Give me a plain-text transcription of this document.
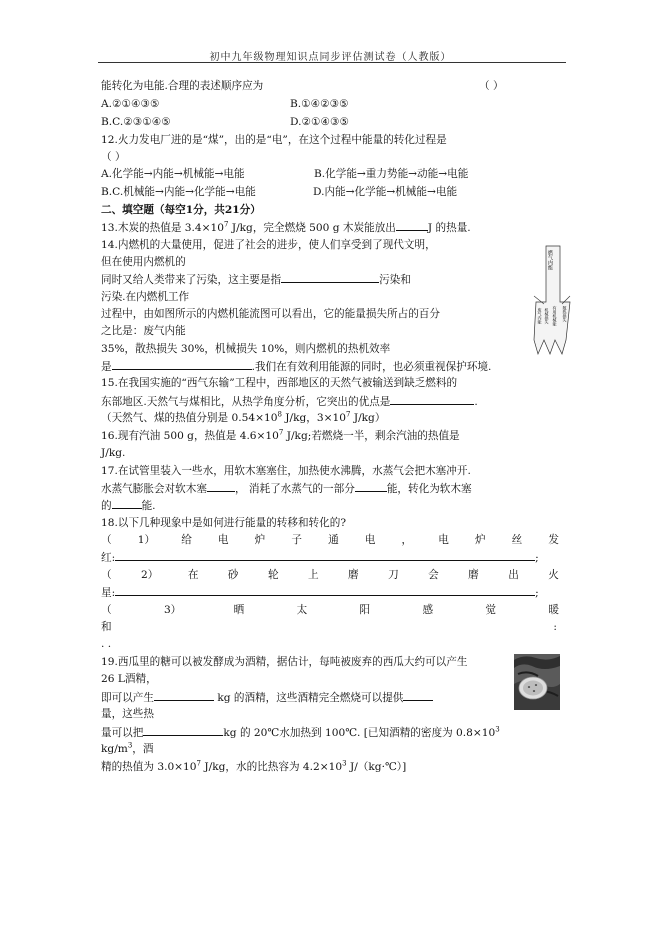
初中九年级物理知识点同步评估测试卷（人教版）
能转化为电能.合理的表述顺序应为	（ ）
A.②①④③⑤	B.①④②③⑤
B.C.②③①④⑤	D.②①④③⑤
12.火力发电厂进的是“煤”，出的是“电”，在这个过程中能量的转化过程是
（ ）
A.化学能→内能→机械能→电能	B.化学能→重力势能→动能→电能
B.C.机械能→内能→化学能→电能	D.内能→化学能→机械能→电能
二、填空题（每空1分，共21分）
13.木炭的热值是 $3.4\times 10^7$ J/kg，完全燃烧 500 g 木炭能放出	J 的热量.
14.内燃机的大量使用，促进了社会的进步，使人们享受到了现代文明，
但在使用内燃机的
同时又给人类带来了污染，这主要是指	污染和
污染.在内燃机工作
过程中，由如图所示的内燃机能流图可以看出，它的能量损失所占的百分
之比是：废气内能
35%，散热损失 30%，机械损失 10%，则内燃机的热机效率
是	.我们在有效利用能源的同时，也必须重视保护环境.
燃气内能
废气内能 机械损失 有用机械能 散热损失
15.在我国实施的“西气东输”工程中，西部地区的天然气被输送到缺乏燃料的
东部地区.天然气与煤相比，从热学角度分析，它突出的优点是	.
（天然气、煤的热值分别是 $0.54\times 10^8$ J/kg，$3\times 10^7$ J/kg）
16.现有汽油 500 g，热值是 $4.6\times 10^7$ J/kg;若燃烧一半，剩余汽油的热值是
J/kg.
17.在试管里装入一些水，用软木塞塞住，加热使水沸腾，水蒸气会把木塞冲开.
水蒸气膨胀会对软木塞	， 消耗了水蒸气的一部分	能，转化为软木塞
的	能.
18.以下几种现象中是如何进行能量的转移和转化的?
（ 1） 给 电 炉 子 通 电 ， 电 炉 丝 发
红:	;
（	2）	在	砂	轮	上	磨	刀	会	磨	出	火
星:	;
（	3）	晒	太	阳	感	觉	暖
和	:
. .
19.西瓜里的糖可以被发酵成为酒精，据估计，每吨被废弃的西瓜大约可以产生
26 L酒精，
即可以产生	kg 的酒精，这些酒精完全燃烧可以提供
量，这些热
量可以把	kg 的 20℃水加热到 100℃. [已知酒精的密度为 $0.8\times 10^3$
$kg/m^3$，酒
精的热值为 $3.0\times 10^7$ J/kg，水的比热容为 $4.2\times 10^3$ J/（kg·℃）]
